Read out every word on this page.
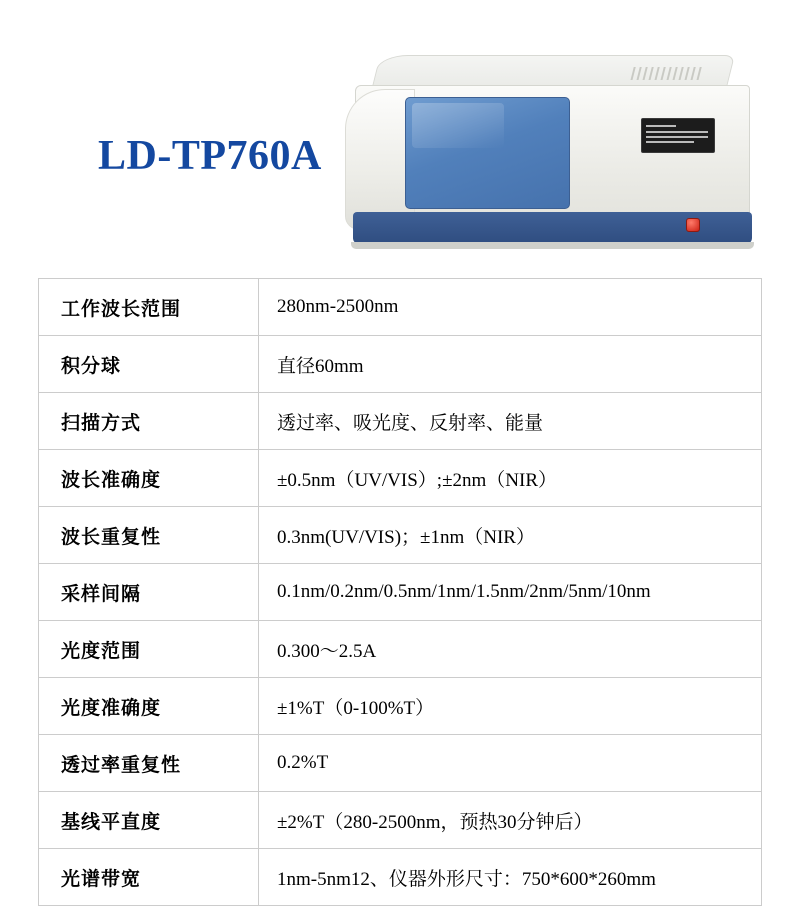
LD-TP760A
工作波长范围	280nm-2500nm
积分球	直径60mm
扫描方式	透过率、吸光度、反射率、能量
波长准确度	±0.5nm（UV/VIS）;±2nm（NIR）
波长重复性	0.3nm(UV/VIS)；±1nm（NIR）
采样间隔	0.1nm/0.2nm/0.5nm/1nm/1.5nm/2nm/5nm/10nm
光度范围	0.300～2.5A
光度准确度	±1%T（0-100%T）
透过率重复性	0.2%T
基线平直度	±2%T（280-2500nm，预热30分钟后）
光谱带宽	1nm-5nm12、仪器外形尺寸：750*600*260mm
